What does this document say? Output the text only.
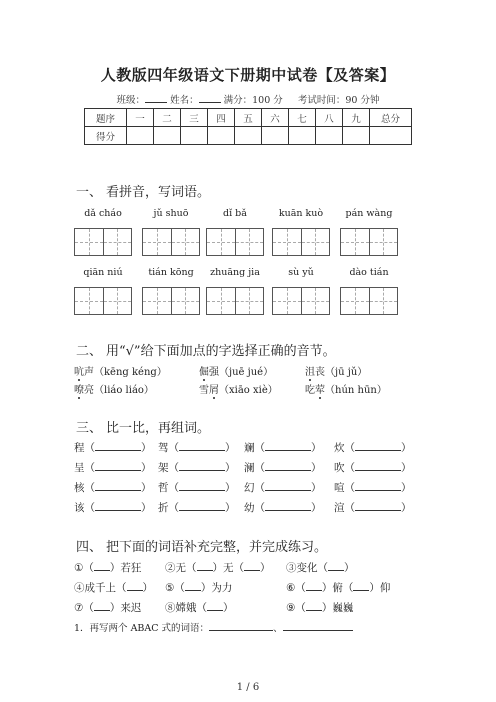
人教版四年级语文下册期中试卷【及答案】
班级：	姓名：	满分：100 分 考试时间：90 分钟
题序	一	二	三	四	五	六	七	八	九	总分
得分										
一、 看拼音，写词语。
dǎ cháo	jǔ shuō	dǐ bǎ	kuān kuò	pán wàng
qiān niú	tián kōng	zhuāng jia	sù yǔ	dào tián
二、 用“√”给下面加点的字选择正确的音节。
吭声（kēng kéng）	倔强（juē jué）	沮丧（jū jǔ）
嘹亮（liáo liáo）	雪屑（xiāo xiè）	吃荤（hún hūn）
三、 比一比，再组词。
程（	） 驾（	） 斓（	） 炊（	）
呈（	） 架（	） 澜（	） 吹（	）
核（	） 哲（	） 幻（	） 喧（	）
该（	） 折（	） 幼（	） 渲（	）
四、 把下面的词语补充完整，并完成练习。
①（ ）若狂 ②无（ ）无（ ） ③变化（ ）
④成千上（ ） ⑤（ ）为力	⑥（ ）俯（ ）仰
⑦（ ）来迟 ⑧嫦娥（ ）	⑨（ ）巍巍
1．再写两个 ABAC 式的词语：	、
1 / 6
